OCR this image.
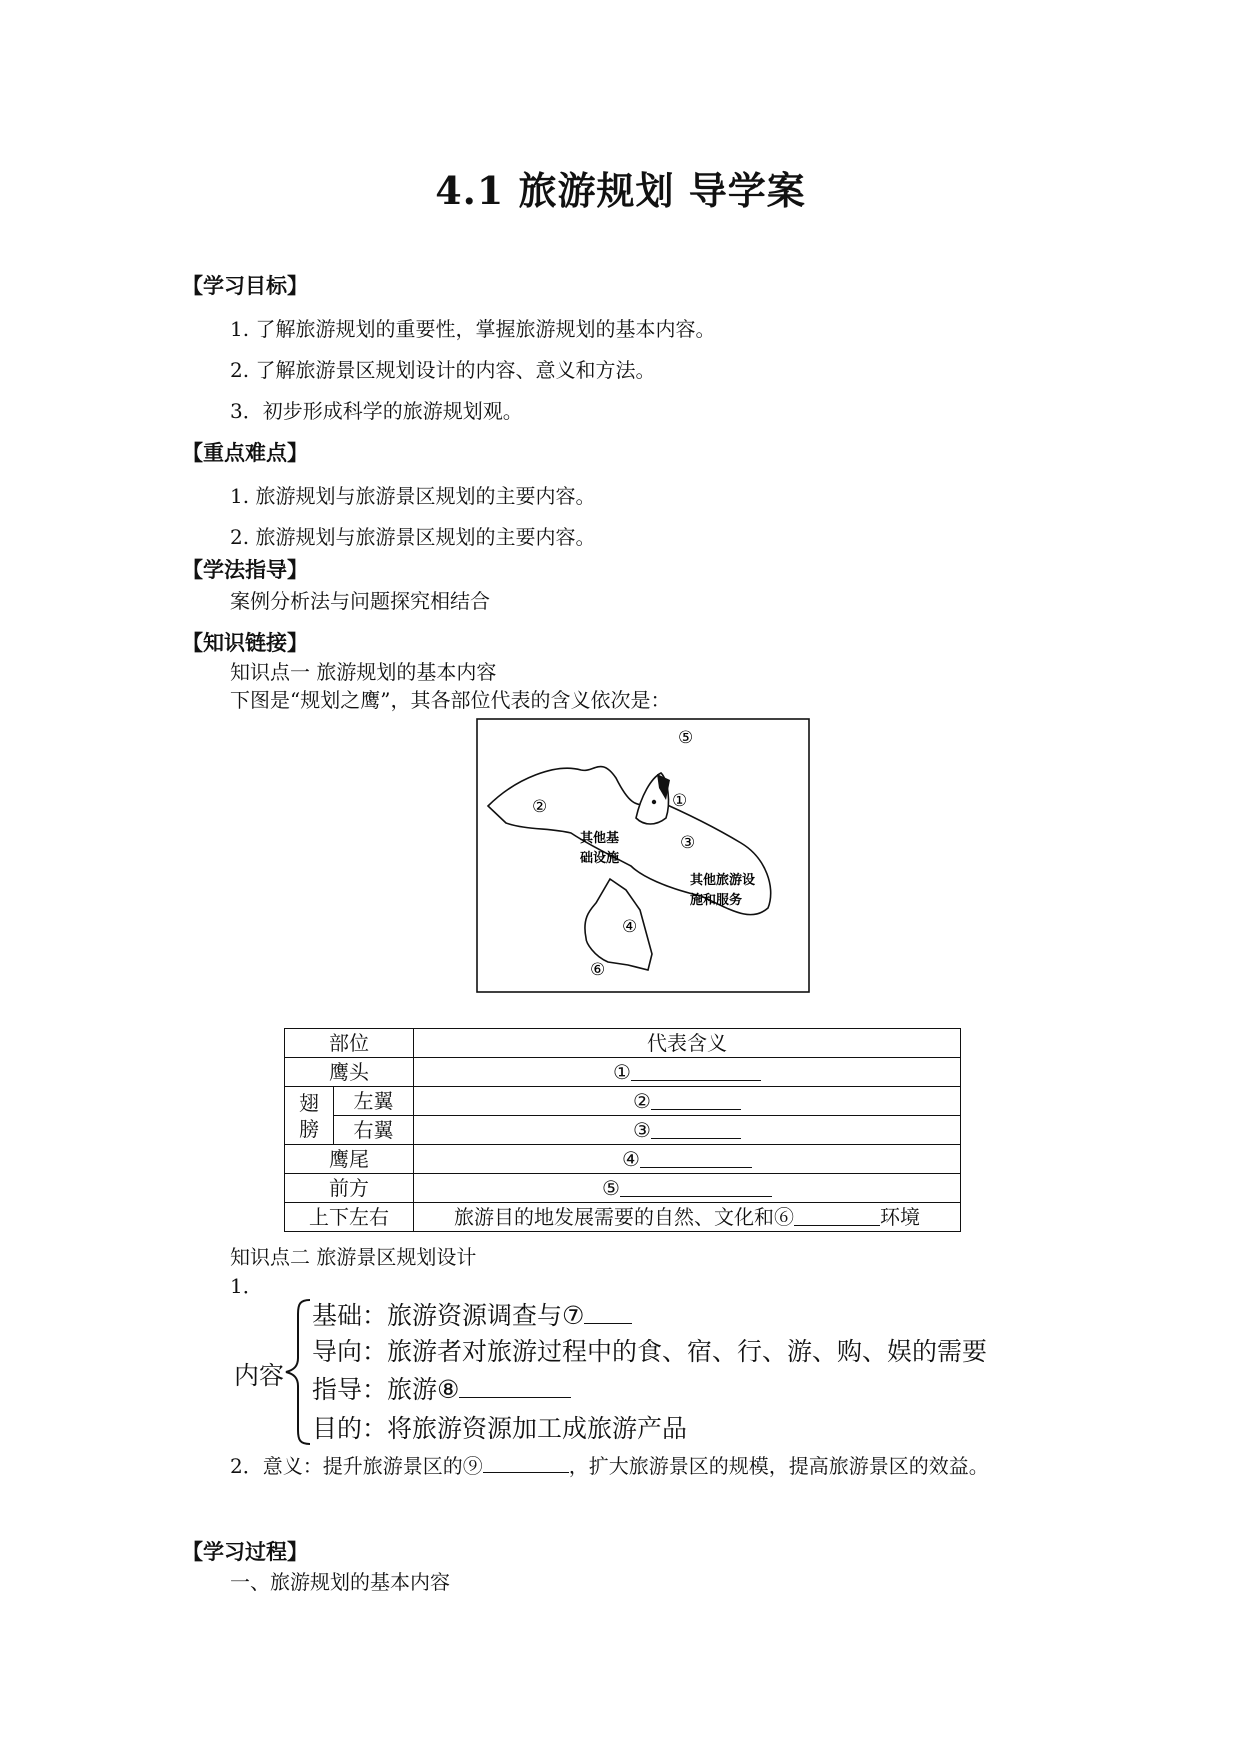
4.1 旅游规划 导学案
【学习目标】
1. 了解旅游规划的重要性，掌握旅游规划的基本内容。
2. 了解旅游景区规划设计的内容、意义和方法。
3．初步形成科学的旅游规划观。
【重点难点】
1. 旅游规划与旅游景区规划的主要内容。
2. 旅游规划与旅游景区规划的主要内容。
【学法指导】
案例分析法与问题探究相结合
【知识链接】
知识点一 旅游规划的基本内容
下图是“规划之鹰”，其各部位代表的含义依次是：
⑤
②	①
③
④
⑥
其他基
础设施
其他旅游设
施和服务
部位		代表含义
鹰头		①
翅
膀	左翼	②
	右翼	③
鹰尾		④
前方		⑤
上下左右		旅游目的地发展需要的自然、文化和⑥ 环境
知识点二 旅游景区规划设计
1．
内容
基础：旅游资源调查与⑦
导向：旅游者对旅游过程中的食、宿、行、游、购、娱的需要
指导：旅游⑧
目的：将旅游资源加工成旅游产品
2．意义：提升旅游景区的⑨	，扩大旅游景区的规模，提高旅游景区的效益。
【学习过程】
一、旅游规划的基本内容
